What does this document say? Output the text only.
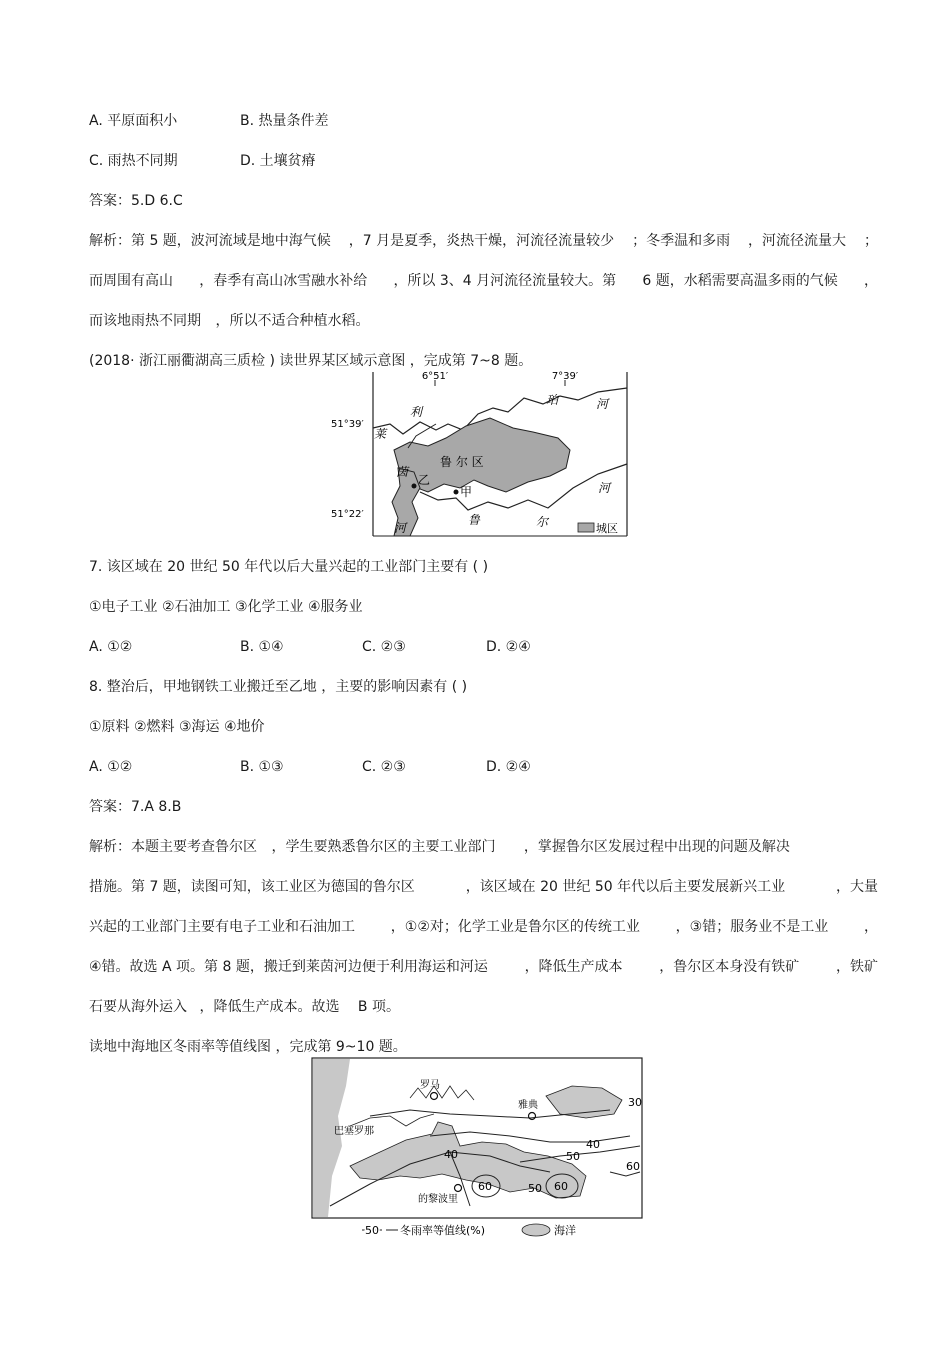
A. 平原面积小	B. 热量条件差
C. 雨热不同期	D. 土壤贫瘠
答案：5.D 6.C
解析：第 5 题，波河流域是地中海气候 ，7 月是夏季，炎热干燥，河流径流量较少 ；冬季温和多雨 ，河流径流量大 ；
而周围有高山 ，春季有高山冰雪融水补给 ，所以 3、4 月河流径流量较大。第 6 题，水稻需要高温多雨的气候 ，
而该地雨热不同期 ，所以不适合种植水稻。
(2018· 浙江丽衢湖高三质检 ) 读世界某区域示意图 ，完成第 7~8 题。
6°51′	7°39′
51°39′
51°22′
利
珀	河
莱
茵
河
鲁	尔
河
鲁 尔 区
甲
乙
城区
7. 该区域在 20 世纪 50 年代以后大量兴起的工业部门主要有 ( )
①电子工业 ②石油加工 ③化学工业 ④服务业
A. ①②	B. ①④	C. ②③	D. ②④
8. 整治后，甲地钢铁工业搬迁至乙地 ，主要的影响因素有 ( )
①原料 ②燃料 ③海运 ④地价
A. ①②	B. ①③	C. ②③	D. ②④
答案：7.A 8.B
解析：本题主要考查鲁尔区 ，学生要熟悉鲁尔区的主要工业部门 ，掌握鲁尔区发展过程中出现的问题及解决
措施。第 7 题，读图可知，该工业区为德国的鲁尔区	，该区域在 20 世纪 50 年代以后主要发展新兴工业	，大量
兴起的工业部门主要有电子工业和石油加工	，①②对；化学工业是鲁尔区的传统工业	，③错；服务业不是工业	，
④错。故选 A 项。第 8 题，搬迁到莱茵河边便于利用海运和河运	，降低生产成本	，鲁尔区本身没有铁矿	，铁矿
石要从海外运入 ，降低生产成本。故选 B 项。
读地中海地区冬雨率等值线图 ，完成第 9~10 题。
罗马
雅典
巴塞罗那
的黎波里
30
40
40	50
50
60	60
60
50 冬雨率等值线(%)	海洋
